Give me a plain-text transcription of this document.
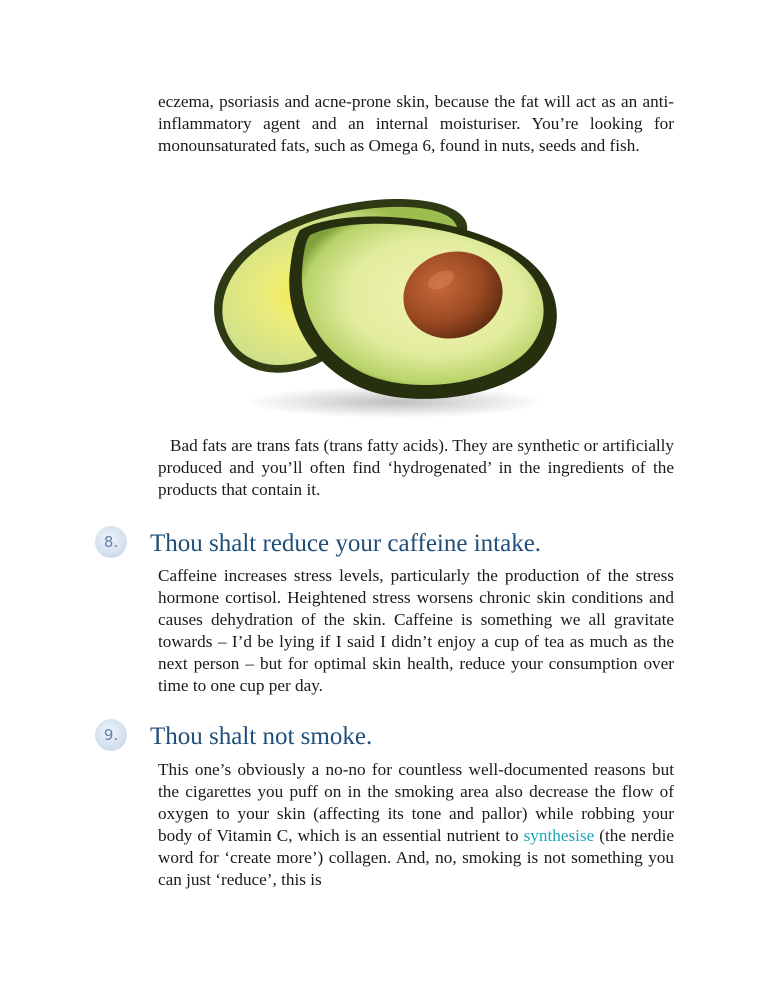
eczema, psoriasis and acne-prone skin, because the fat will act as an anti-inflammatory agent and an internal moisturiser. You’re looking for monounsaturated fats, such as Omega 6, found in nuts, seeds and fish.

Bad fats are trans fats (trans fatty acids). They are synthetic or artificially produced and you’ll often find ‘hydrogenated’ in the ingredients of the products that contain it.

8.	Thou shalt reduce your caffeine intake.

Caffeine increases stress levels, particularly the production of the stress hormone cortisol. Heightened stress worsens chronic skin conditions and causes dehydration of the skin. Caffeine is something we all gravitate towards – I’d be lying if I said I didn’t enjoy a cup of tea as much as the next person – but for optimal skin health, reduce your consumption over time to one cup per day.

9.	Thou shalt not smoke.

This one’s obviously a no-no for countless well-documented reasons but the cigarettes you puff on in the smoking area also decrease the flow of oxygen to your skin (affecting its tone and pallor) while robbing your body of Vitamin C, which is an essential nutrient to synthesise (the nerdie word for ‘create more’) collagen. And, no, smoking is not something you can just ‘reduce’, this is
